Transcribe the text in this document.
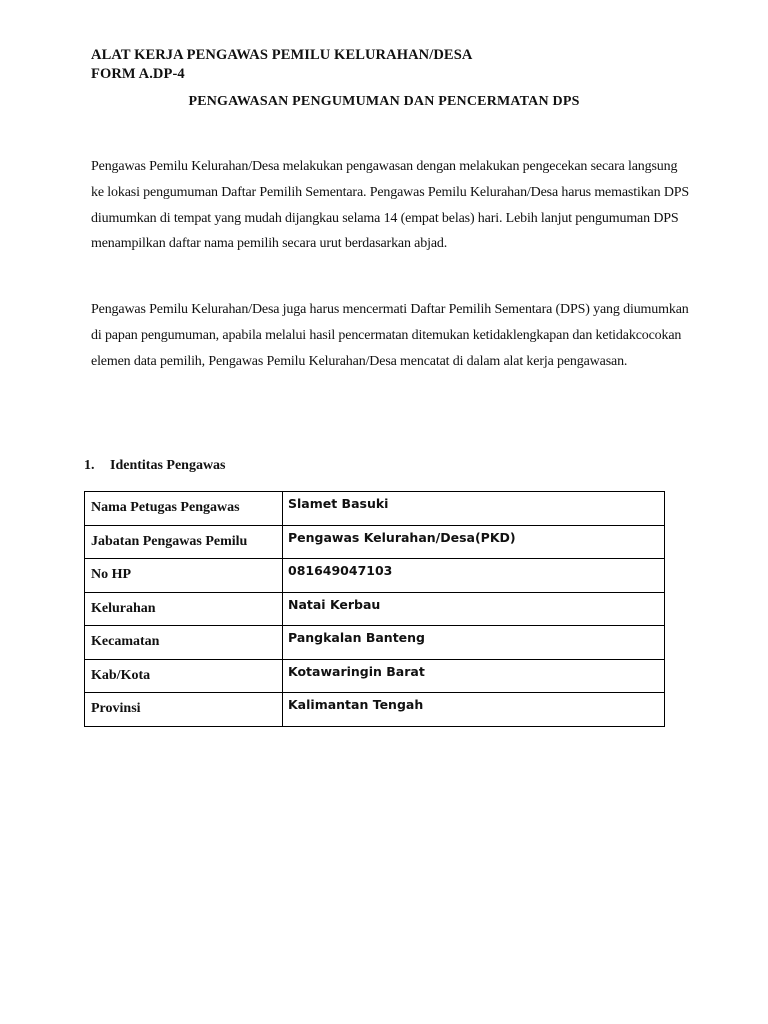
ALAT KERJA PENGAWAS PEMILU KELURAHAN/DESA
FORM A.DP-4
PENGAWASAN PENGUMUMAN DAN PENCERMATAN DPS
Pengawas Pemilu Kelurahan/Desa melakukan pengawasan dengan melakukan pengecekan secara langsung ke lokasi pengumuman Daftar Pemilih Sementara. Pengawas Pemilu Kelurahan/Desa harus memastikan DPS diumumkan di tempat yang mudah dijangkau selama 14 (empat belas) hari. Lebih lanjut pengumuman DPS menampilkan daftar nama pemilih secara urut berdasarkan abjad.
Pengawas Pemilu Kelurahan/Desa juga harus mencermati Daftar Pemilih Sementara (DPS) yang diumumkan di papan pengumuman, apabila melalui hasil pencermatan ditemukan ketidaklengkapan dan ketidakcocokan elemen data pemilih, Pengawas Pemilu Kelurahan/Desa mencatat di dalam alat kerja pengawasan.
1. Identitas Pengawas
Nama Petugas Pengawas	Slamet Basuki
Jabatan Pengawas Pemilu	Pengawas Kelurahan/Desa(PKD)
No HP	081649047103
Kelurahan	Natai Kerbau
Kecamatan	Pangkalan Banteng
Kab/Kota	Kotawaringin Barat
Provinsi	Kalimantan Tengah
